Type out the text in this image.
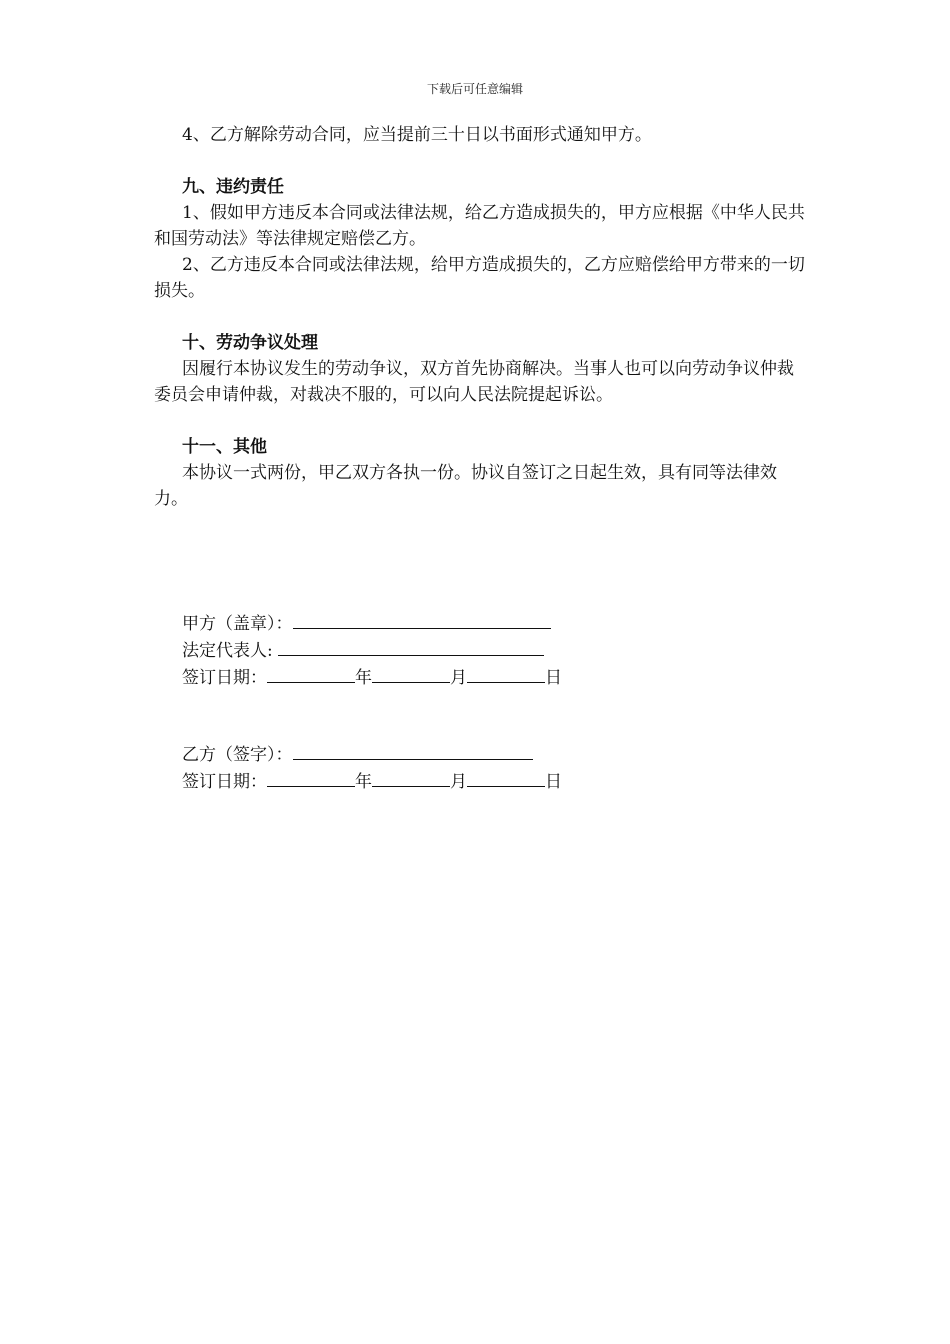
下载后可任意编辑

4、乙方解除劳动合同，应当提前三十日以书面形式通知甲方。

九、违约责任

1、假如甲方违反本合同或法律法规，给乙方造成损失的，甲方应根据《中华人民共和国劳动法》等法律规定赔偿乙方。

2、乙方违反本合同或法律法规，给甲方造成损失的，乙方应赔偿给甲方带来的一切损失。

十、劳动争议处理

因履行本协议发生的劳动争议，双方首先协商解决。当事人也可以向劳动争议仲裁委员会申请仲裁，对裁决不服的，可以向人民法院提起诉讼。

十一、其他

本协议一式两份，甲乙双方各执一份。协议自签订之日起生效，具有同等法律效力。

甲方（盖章）：

法定代表人:

签订日期：	年	月	日

乙方（签字）：

签订日期：	年	月	日
